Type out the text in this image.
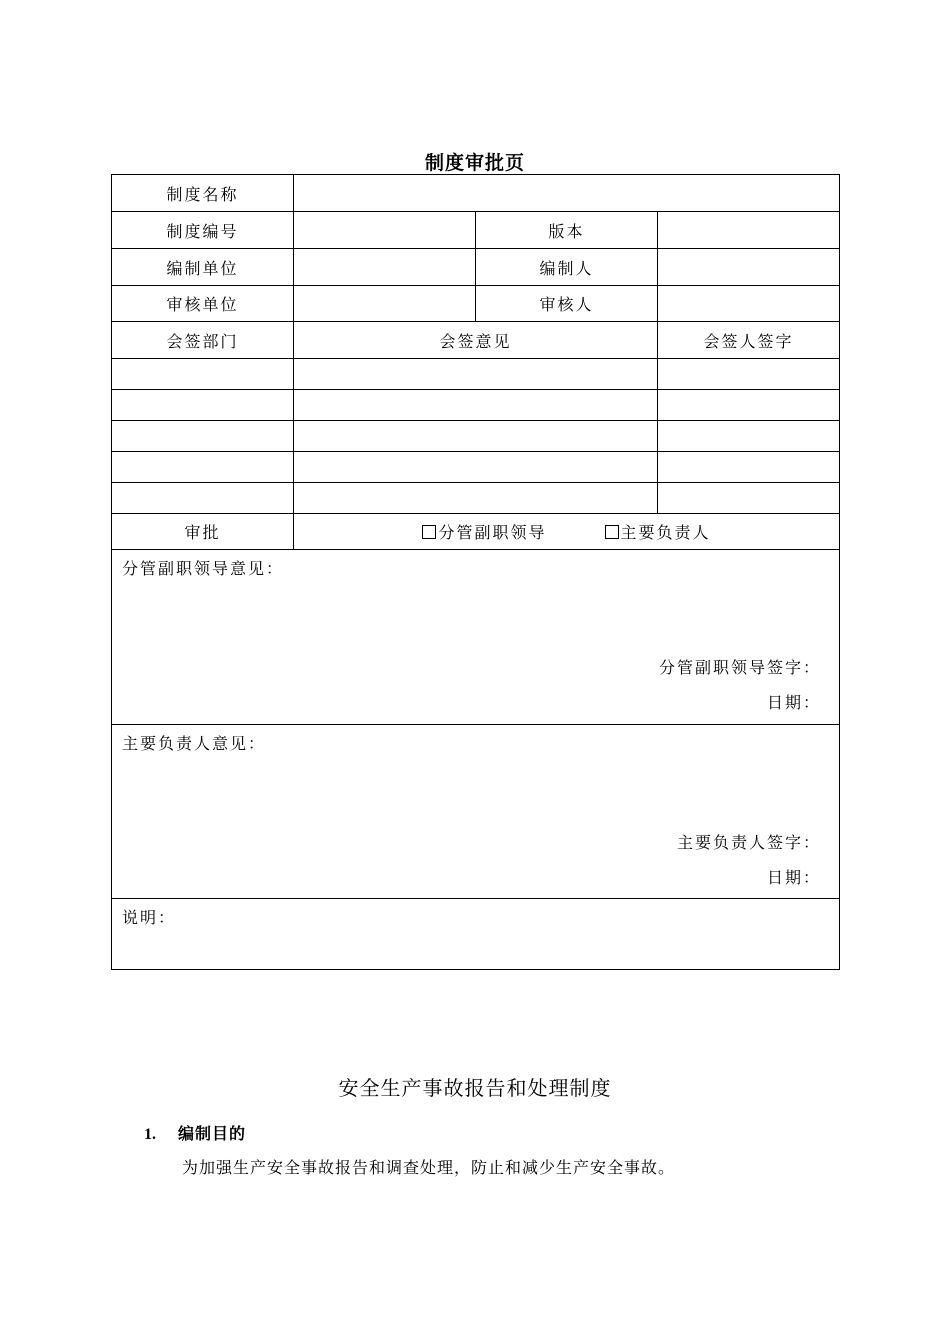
制度审批页
制度名称			
制度编号		版本	
编制单位		编制人	
审核单位		审核人	
会签部门	会签意见		会签人签字

审批	分管副职领导 主要负责人		

分管副职领导意见：
分管副职领导签字：
日期：			

主要负责人意见：
主要负责人签字：
日期：			

说明：			
安全生产事故报告和处理制度
1. 编制目的
为加强生产安全事故报告和调查处理，防止和减少生产安全事故。
